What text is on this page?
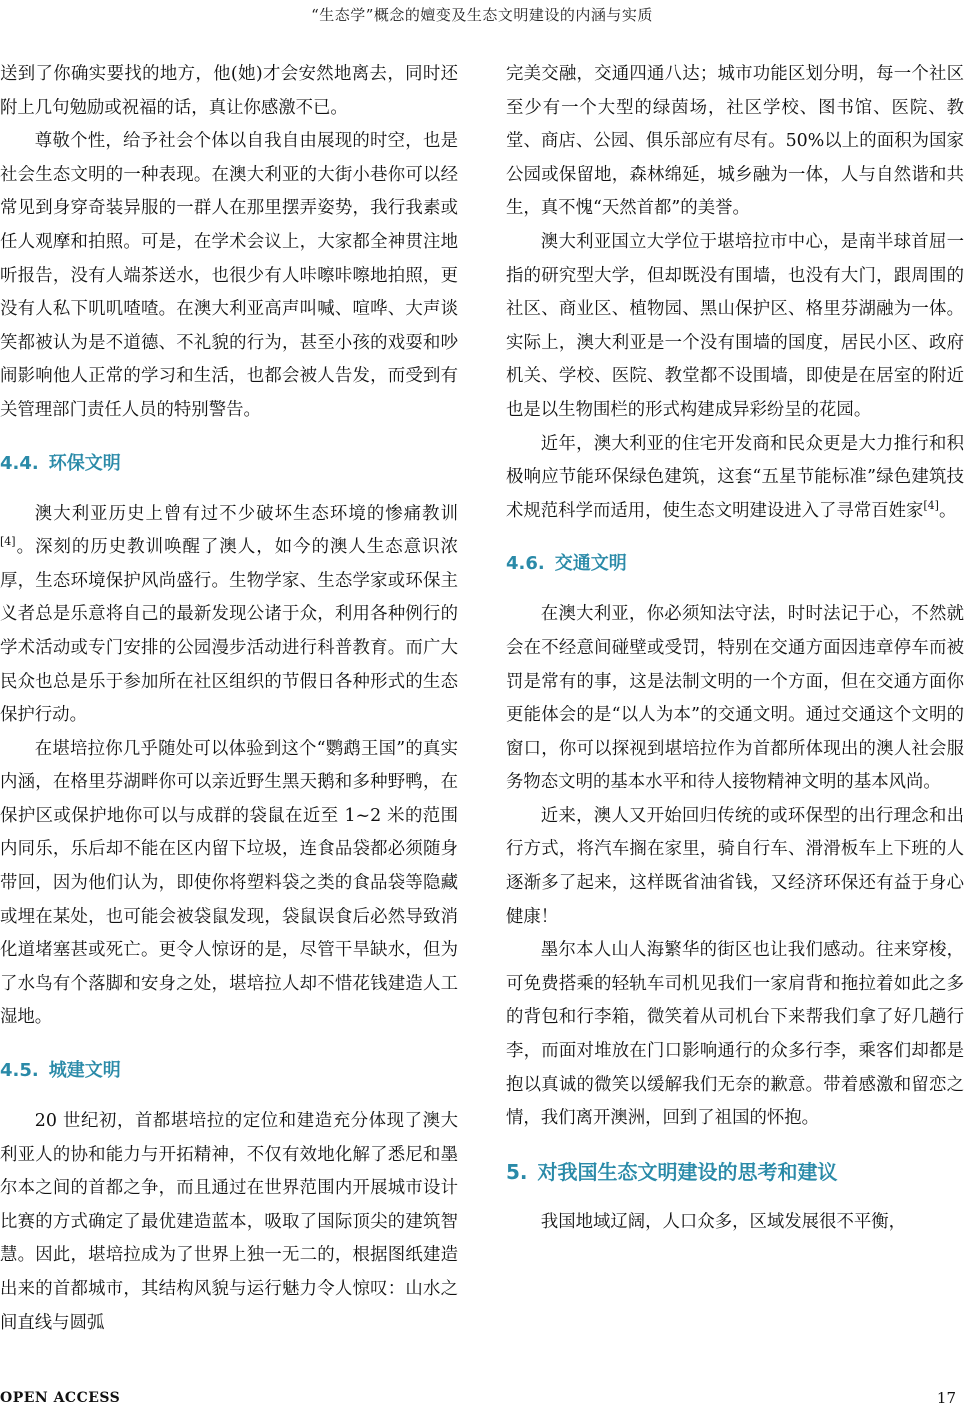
“生态学”概念的嬗变及生态文明建设的内涵与实质

送到了你确实要找的地方，他(她)才会安然地离去，同时还附上几句勉励或祝福的话，真让你感激不已。

尊敬个性，给予社会个体以自我自由展现的时空，也是社会生态文明的一种表现。在澳大利亚的大街小巷你可以经常见到身穿奇装异服的一群人在那里摆弄姿势，我行我素或任人观摩和拍照。可是，在学术会议上，大家都全神贯注地听报告，没有人端茶送水，也很少有人咔嚓咔嚓地拍照，更没有人私下叽叽喳喳。在澳大利亚高声叫喊、喧哗、大声谈笑都被认为是不道德、不礼貌的行为，甚至小孩的戏耍和吵闹影响他人正常的学习和生活，也都会被人告发，而受到有关管理部门责任人员的特别警告。

4.4. 环保文明

澳大利亚历史上曾有过不少破坏生态环境的惨痛教训[4]。深刻的历史教训唤醒了澳人，如今的澳人生态意识浓厚，生态环境保护风尚盛行。生物学家、生态学家或环保主义者总是乐意将自己的最新发现公诸于众，利用各种例行的学术活动或专门安排的公园漫步活动进行科普教育。而广大民众也总是乐于参加所在社区组织的节假日各种形式的生态保护行动。

在堪培拉你几乎随处可以体验到这个“鹦鹉王国”的真实内涵，在格里芬湖畔你可以亲近野生黑天鹅和多种野鸭，在保护区或保护地你可以与成群的袋鼠在近至 1~2 米的范围内同乐，乐后却不能在区内留下垃圾，连食品袋都必须随身带回，因为他们认为，即使你将塑料袋之类的食品袋等隐藏或埋在某处，也可能会被袋鼠发现，袋鼠误食后必然导致消化道堵塞甚或死亡。更令人惊讶的是，尽管干旱缺水，但为了水鸟有个落脚和安身之处，堪培拉人却不惜花钱建造人工湿地。

4.5. 城建文明

20 世纪初，首都堪培拉的定位和建造充分体现了澳大利亚人的协和能力与开拓精神，不仅有效地化解了悉尼和墨尔本之间的首都之争，而且通过在世界范围内开展城市设计比赛的方式确定了最优建造蓝本，吸取了国际顶尖的建筑智慧。因此，堪培拉成为了世界上独一无二的，根据图纸建造出来的首都城市，其结构风貌与运行魅力令人惊叹：山水之间直线与圆弧

完美交融，交通四通八达；城市功能区划分明，每一个社区至少有一个大型的绿茵场，社区学校、图书馆、医院、教堂、商店、公园、俱乐部应有尽有。50%以上的面积为国家公园或保留地，森林绵延，城乡融为一体，人与自然谐和共生，真不愧“天然首都”的美誉。

澳大利亚国立大学位于堪培拉市中心，是南半球首屈一指的研究型大学，但却既没有围墙，也没有大门，跟周围的社区、商业区、植物园、黑山保护区、格里芬湖融为一体。实际上，澳大利亚是一个没有围墙的国度，居民小区、政府机关、学校、医院、教堂都不设围墙，即使是在居室的附近也是以生物围栏的形式构建成异彩纷呈的花园。

近年，澳大利亚的住宅开发商和民众更是大力推行和积极响应节能环保绿色建筑，这套“五星节能标准”绿色建筑技术规范科学而适用，使生态文明建设进入了寻常百姓家[4]。

4.6. 交通文明

在澳大利亚，你必须知法守法，时时法记于心，不然就会在不经意间碰壁或受罚，特别在交通方面因违章停车而被罚是常有的事，这是法制文明的一个方面，但在交通方面你更能体会的是“以人为本”的交通文明。通过交通这个文明的窗口，你可以探视到堪培拉作为首都所体现出的澳人社会服务物态文明的基本水平和待人接物精神文明的基本风尚。

近来，澳人又开始回归传统的或环保型的出行理念和出行方式，将汽车搁在家里，骑自行车、滑滑板车上下班的人逐渐多了起来，这样既省油省钱，又经济环保还有益于身心健康！

墨尔本人山人海繁华的街区也让我们感动。往来穿梭，可免费搭乘的轻轨车司机见我们一家肩背和拖拉着如此之多的背包和行李箱，微笑着从司机台下来帮我们拿了好几趟行李，而面对堆放在门口影响通行的众多行李，乘客们却都是抱以真诚的微笑以缓解我们无奈的歉意。带着感激和留恋之情，我们离开澳洲，回到了祖国的怀抱。

5. 对我国生态文明建设的思考和建议

我国地域辽阔，人口众多，区域发展很不平衡，

OPEN ACCESS	17
